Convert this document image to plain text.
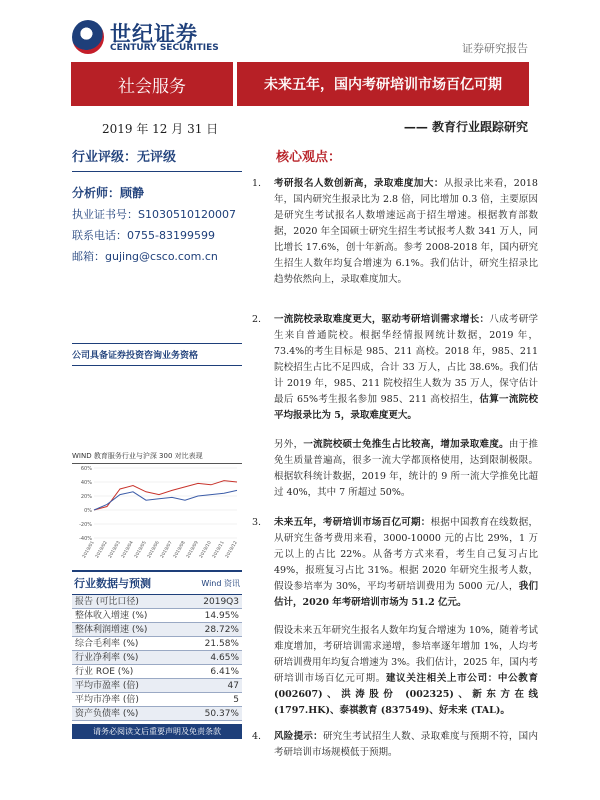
世纪证券
CENTURY SECURITIES	证券研究报告
社会服务	未来五年，国内考研培训市场百亿可期
2019 年 12 月 31 日	—— 教育行业跟踪研究
行业评级：无评级
分析师：顾静
执业证书号：S1030510120007
联系电话：0755-83199599
邮箱：gujing@csco.com.cn
公司具备证券投资咨询业务资格
WIND 教育服务行业与沪深 300 对比表现
60%
40%
20%
0%
-20%
-40%
2019/01 2019/02 2019/03 2019/04 2019/05 2019/06 2019/07 2019/08 2019/09 2019/10 2019/11 2019/12
行业数据与预测	Wind 资讯
报告 (可比口径)	2019Q3
整体收入增速 (%)	14.95%
整体利润增速 (%)	28.72%
综合毛利率 (%)	21.58%
行业净利率 (%)	4.65%
行业 ROE (%)	6.41%
平均市盈率 (倍)	47
平均市净率 (倍)	5
资产负债率 (%)	50.37%
请务必阅读文后重要声明及免责条款
核心观点：
1. 考研报名人数创新高，录取难度加大：从报录比来看，2018 年，国内研究生报录比为 2.8 倍，同比增加 0.3 倍，主要原因是研究生考试报名人数增速远高于招生增速。根据教育部数据，2020 年全国硕士研究生招生考试报考人数 341 万人，同比增长 17.6%，创十年新高。参考 2008-2018 年，国内研究生招生人数年均复合增速为 6.1%。我们估计，研究生招录比趋势依然向上，录取难度加大。
2. 一流院校录取难度更大，驱动考研培训需求增长：八成考研学生来自普通院校。根据华经情报网统计数据，2019 年，73.4%的考生目标是 985、211 高校。2018 年，985、211 院校招生占比不足四成，合计 33 万人，占比 38.6%。我们估计 2019 年，985、211 院校招生人数为 35 万人，保守估计最后 65%考生报名参加 985、211 高校招生，估算一流院校平均报录比为 5，录取难度更大。
另外，一流院校硕士免推生占比较高，增加录取难度。由于推免生质量普遍高，很多一流大学都顶格使用，达到限制极限。根据软科统计数据，2019 年，统计的 9 所一流大学推免比超过 40%，其中 7 所超过 50%。
3. 未来五年，考研培训市场百亿可期：根据中国教育在线数据，从研究生备考费用来看，3000-10000 元的占比 29%，1 万元以上的占比 22%。从备考方式来看，考生自己复习占比 49%，报班复习占比 31%。根据 2020 年研究生报考人数，假设参培率为 30%，平均考研培训费用为 5000 元/人，我们估计，2020 年考研培训市场为 51.2 亿元。
假设未来五年研究生报名人数年均复合增速为 10%，随着考试难度增加，考研培训需求递增，参培率逐年增加 1%，人均考研培训费用年均复合增速为 3%。我们估计，2025 年，国内考研培训市场百亿元可期。建议关注相关上市公司：中公教育 (002607)、洪涛股份 (002325)、新东方在线 (1797.HK)、泰祺教育 (837549)、好未来 (TAL)。
4. 风险提示：研究生考试招生人数、录取难度与预期不符，国内考研培训市场规模低于预期。
